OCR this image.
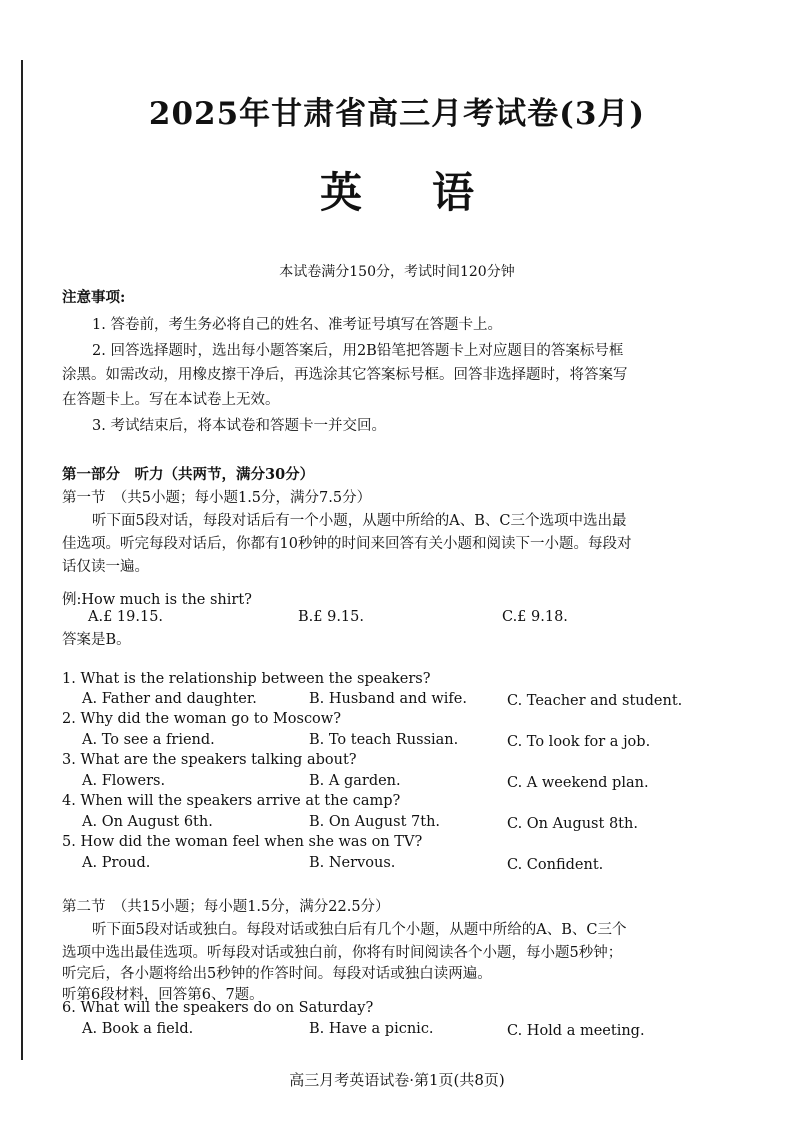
2025年甘肃省高三月考试卷(3月)
英语
本试卷满分150分，考试时间120分钟
注意事项:
1. 答卷前，考生务必将自己的姓名、准考证号填写在答题卡上。
2. 回答选择题时，选出每小题答案后，用2B铅笔把答题卡上对应题目的答案标号框
涂黑。如需改动，用橡皮擦干净后，再选涂其它答案标号框。回答非选择题时，将答案写
在答题卡上。写在本试卷上无效。
3. 考试结束后，将本试卷和答题卡一并交回。
第一部分　听力（共两节，满分30分）
第一节　（共5小题；每小题1.5分，满分7.5分）
听下面5段对话，每段对话后有一个小题，从题中所给的A、B、C三个选项中选出最
佳选项。听完每段对话后，你都有10秒钟的时间来回答有关小题和阅读下一小题。每段对
话仅读一遍。
例:How much is the shirt?
A.£ 19.15.	B.£ 9.15.	C.£ 9.18.
答案是B。
1. What is the relationship between the speakers?
A. Father and daughter.	B. Husband and wife.	C. Teacher and student.
2. Why did the woman go to Moscow?
A. To see a friend.	B. To teach Russian.	C. To look for a job.
3. What are the speakers talking about?
A. Flowers.	B. A garden.	C. A weekend plan.
4. When will the speakers arrive at the camp?
A. On August 6th.	B. On August 7th.	C. On August 8th.
5. How did the woman feel when she was on TV?
A. Proud.	B. Nervous.	C. Confident.
第二节　（共15小题；每小题1.5分，满分22.5分）
听下面5段对话或独白。每段对话或独白后有几个小题，从题中所给的A、B、C三个
选项中选出最佳选项。听每段对话或独白前，你将有时间阅读各个小题，每小题5秒钟；
听完后，各小题将给出5秒钟的作答时间。每段对话或独白读两遍。
听第6段材料，回答第6、7题。
6. What will the speakers do on Saturday?
A. Book a field.	B. Have a picnic.	C. Hold a meeting.
高三月考英语试卷·第1页(共8页)
